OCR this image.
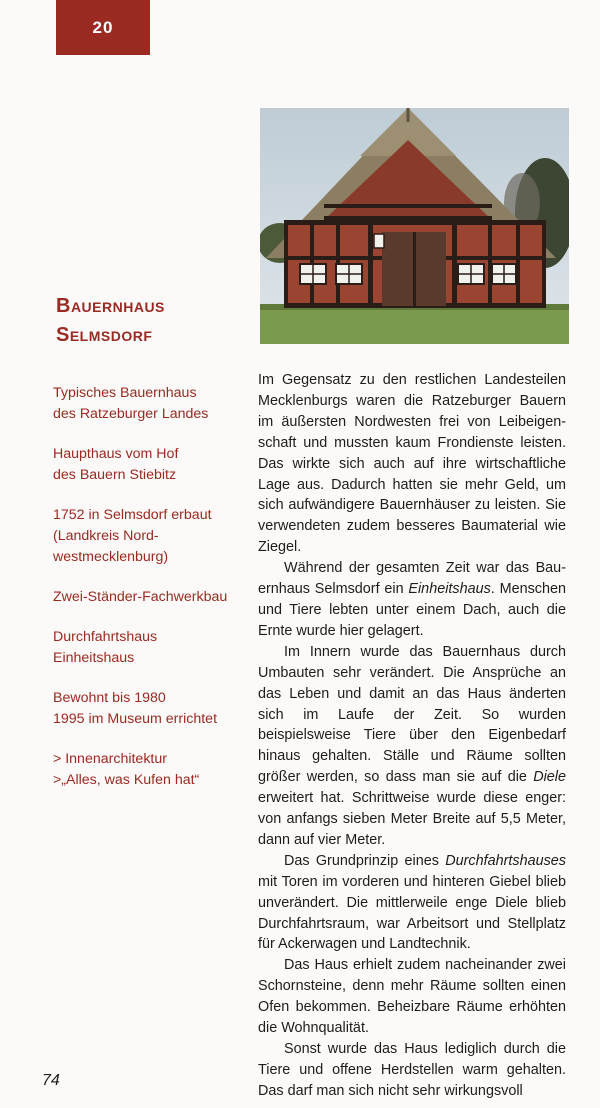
20
Bauernhaus
Selmsdorf

Typisches Bauernhaus
des Ratzeburger Landes

Haupthaus vom Hof
des Bauern Stiebitz

1752 in Selmsdorf erbaut
(Landkreis Nord-
westmecklenburg)

Zwei-Ständer-Fachwerkbau

Durchfahrtshaus
Einheitshaus

Bewohnt bis 1980
1995 im Museum errichtet

> Innenarchitektur
>„Alles, was Kufen hat“

Im Gegensatz zu den restlichen Landesteilen Mecklenburgs waren die Ratzeburger Bauern im äußersten Nordwesten frei von Leibeigenschaft und mussten kaum Frondienste leisten. Das wirkte sich auch auf ihre wirtschaftliche Lage aus. Dadurch hatten sie mehr Geld, um sich aufwändigere Bauernhäuser zu leisten. Sie verwendeten zudem besseres Baumaterial wie Ziegel.

Während der gesamten Zeit war das Bauernhaus Selmsdorf ein Einheitshaus. Menschen und Tiere lebten unter einem Dach, auch die Ernte wurde hier gelagert.

Im Innern wurde das Bauernhaus durch Umbauten sehr verändert. Die Ansprüche an das Leben und damit an das Haus änderten sich im Laufe der Zeit. So wurden beispielsweise Tiere über den Eigenbedarf hinaus gehalten. Ställe und Räume sollten größer werden, so dass man sie auf die Diele erweitert hat. Schrittweise wurde diese enger: von anfangs sieben Meter Breite auf 5,5 Meter, dann auf vier Meter.

Das Grundprinzip eines Durchfahrtshauses mit Toren im vorderen und hinteren Giebel blieb unverändert. Die mittlerweile enge Diele blieb Durchfahrtsraum, war Arbeitsort und Stellplatz für Ackerwagen und Landtechnik.

Das Haus erhielt zudem nacheinander zwei Schornsteine, denn mehr Räume sollten einen Ofen bekommen. Beheizbare Räume erhöhten die Wohnqualität.

Sonst wurde das Haus lediglich durch die Tiere und offene Herdstellen warm gehalten. Das darf man sich nicht sehr wirkungsvoll

74
